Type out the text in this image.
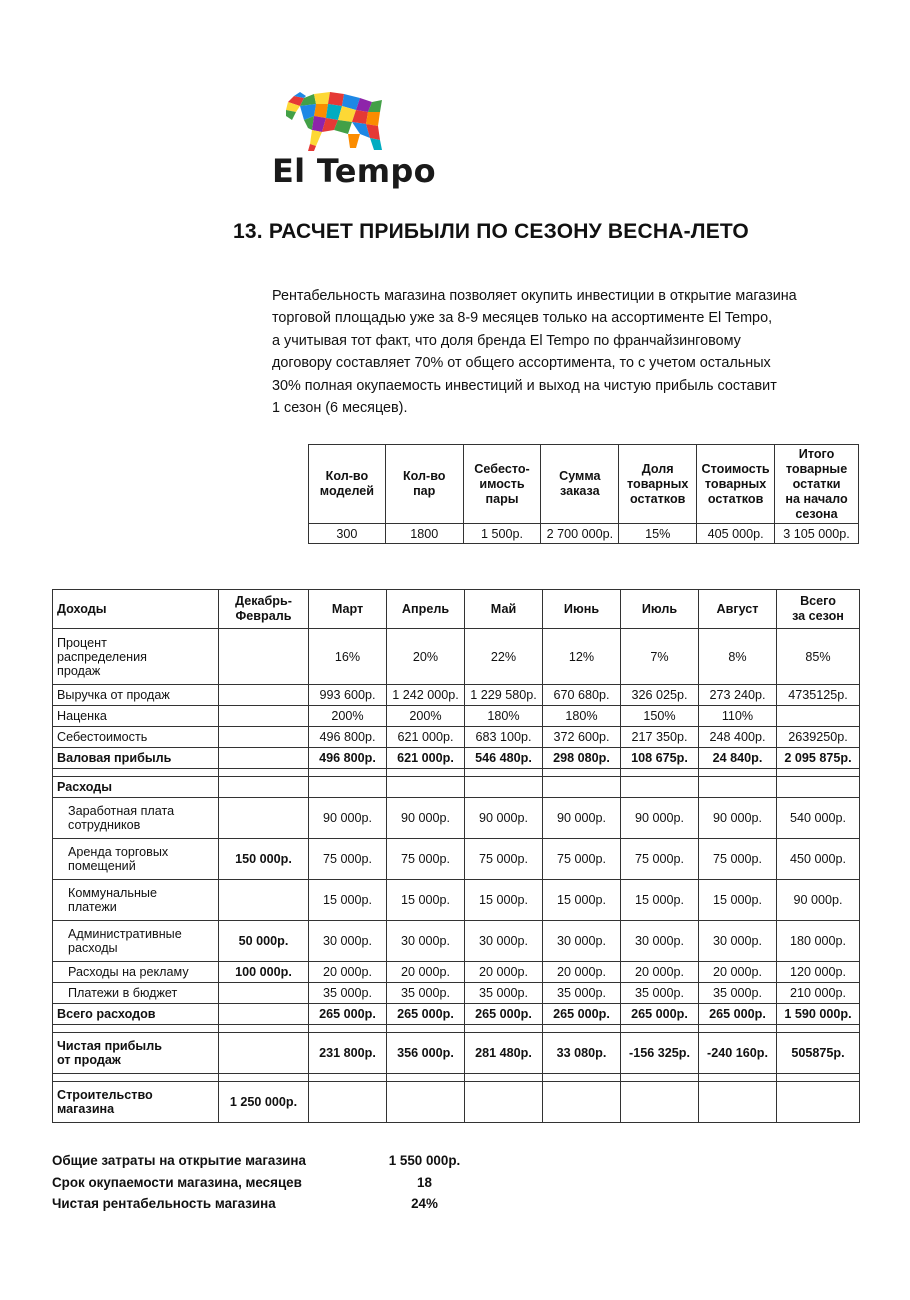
El Tempo
13. РАСЧЕТ ПРИБЫЛИ ПО СЕЗОНУ ВЕСНА-ЛЕТО
Рентабельность магазина позволяет окупить инвестиции в открытие магазина
торговой площадью уже за 8-9 месяцев только на ассортименте El Tempo,
а учитывая тот факт, что доля бренда El Tempo по франчайзинговому
договору составляет 70% от общего ассортимента, то с учетом остальных
30% полная окупаемость инвестиций и выход на чистую прибыль составит
1 сезон (6 месяцев).
Кол-во
моделей	Кол-во
пар	Себесто-
имость
пары	Сумма
заказа	Доля
товарных
остатков	Стоимость
товарных
остатков	Итого
товарные
остатки
на начало
сезона
300	1800	1 500р.	2 700 000р.	15%	405 000р.	3 105 000р.
Доходы	Декабрь-
Февраль	Март	Апрель	Май	Июнь	Июль	Август	Всего
за сезон
Процент
распределения
продаж		16%	20%	22%	12%	7%	8%	85%
Выручка от продаж		993 600р.	1 242 000р.	1 229 580р.	670 680р.	326 025р.	273 240р.	4735125р.
Наценка		200%	200%	180%	180%	150%	110%	
Себестоимость		496 800р.	621 000р.	683 100р.	372 600р.	217 350р.	248 400р.	2639250р.
Валовая прибыль		496 800р.	621 000р.	546 480р.	298 080р.	108 675р.	24 840р.	2 095 875р.

Расходы								
Заработная плата
сотрудников		90 000р.	90 000р.	90 000р.	90 000р.	90 000р.	90 000р.	540 000р.
Аренда торговых
помещений	150 000р.	75 000р.	75 000р.	75 000р.	75 000р.	75 000р.	75 000р.	450 000р.
Коммунальные
платежи		15 000р.	15 000р.	15 000р.	15 000р.	15 000р.	15 000р.	90 000р.
Административные
расходы	50 000р.	30 000р.	30 000р.	30 000р.	30 000р.	30 000р.	30 000р.	180 000р.
Расходы на рекламу	100 000р.	20 000р.	20 000р.	20 000р.	20 000р.	20 000р.	20 000р.	120 000р.
Платежи в бюджет		35 000р.	35 000р.	35 000р.	35 000р.	35 000р.	35 000р.	210 000р.
Всего расходов		265 000р.	265 000р.	265 000р.	265 000р.	265 000р.	265 000р.	1 590 000р.

Чистая прибыль
от продаж		231 800р.	356 000р.	281 480р.	33 080р.	-156 325р.	-240 160р.	505875р.

Строительство
магазина	1 250 000р.							
Общие затраты на открытие магазина	1 550 000р.
Срок окупаемости магазина, месяцев	18
Чистая рентабельность магазина	24%
